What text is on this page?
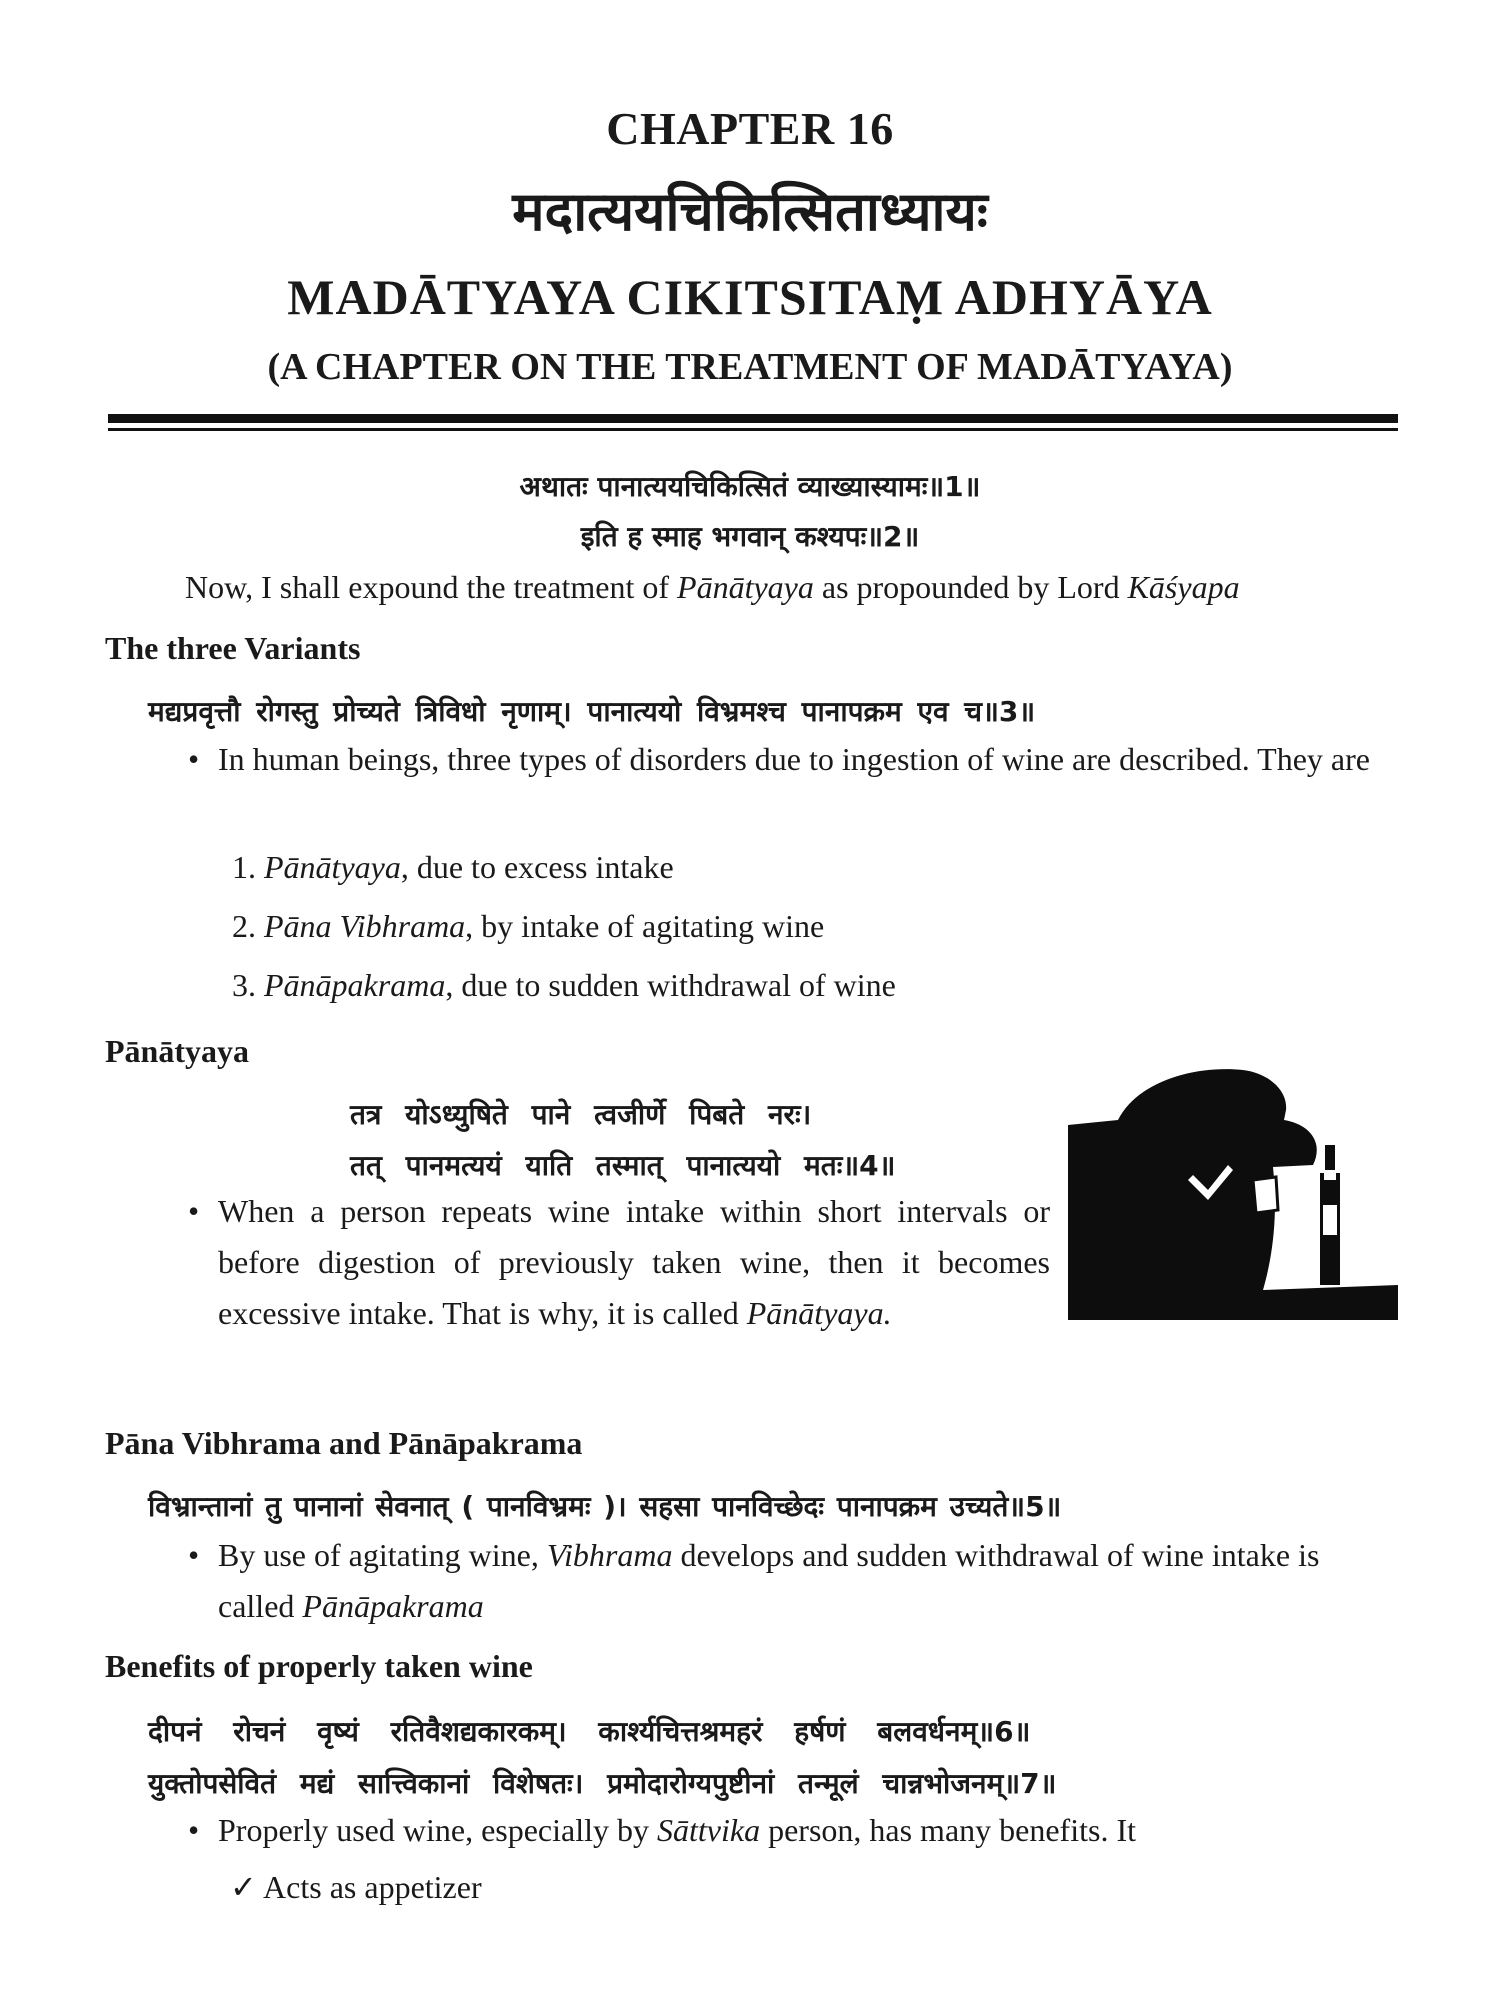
CHAPTER 16
मदात्ययचिकित्सिताध्यायः
MADĀTYAYA CIKITSITAṂ ADHYĀYA
(A CHAPTER ON THE TREATMENT OF MADĀTYAYA)
अथातः पानात्ययचिकित्सितं व्याख्यास्यामः॥1॥
इति ह स्माह भगवान् कश्यपः॥2॥
Now, I shall expound the treatment of Pānātyaya as propounded by Lord Kāśyapa
The three Variants
मद्यप्रवृत्तौ रोगस्तु प्रोच्यते त्रिविधो नृणाम्। पानात्ययो विभ्रमश्च पानापक्रम एव च॥3॥
• In human beings, three types of disorders due to ingestion of wine are described. They are
1. Pānātyaya, due to excess intake
2. Pāna Vibhrama, by intake of agitating wine
3. Pānāpakrama, due to sudden withdrawal of wine
Pānātyaya
तत्र योऽध्युषिते पाने त्वजीर्णे पिबते नरः।
तत् पानमत्ययं याति तस्मात् पानात्ययो मतः॥4॥
• When a person repeats wine intake within short intervals or before digestion of previously taken wine, then it becomes excessive intake. That is why, it is called Pānātyaya.
Pāna Vibhrama and Pānāpakrama
विभ्रान्तानां तु पानानां सेवनात् ( पानविभ्रमः )। सहसा पानविच्छेदः पानापक्रम उच्यते॥5॥
• By use of agitating wine, Vibhrama develops and sudden withdrawal of wine intake is called Pānāpakrama
Benefits of properly taken wine
दीपनं रोचनं वृष्यं रतिवैशद्यकारकम्। कार्श्यचित्तश्रमहरं हर्षणं बलवर्धनम्॥6॥
युक्तोपसेवितं मद्यं सात्त्विकानां विशेषतः। प्रमोदारोग्यपुष्टीनां तन्मूलं चान्नभोजनम्॥7॥
• Properly used wine, especially by Sāttvika person, has many benefits. It
✓ Acts as appetizer
